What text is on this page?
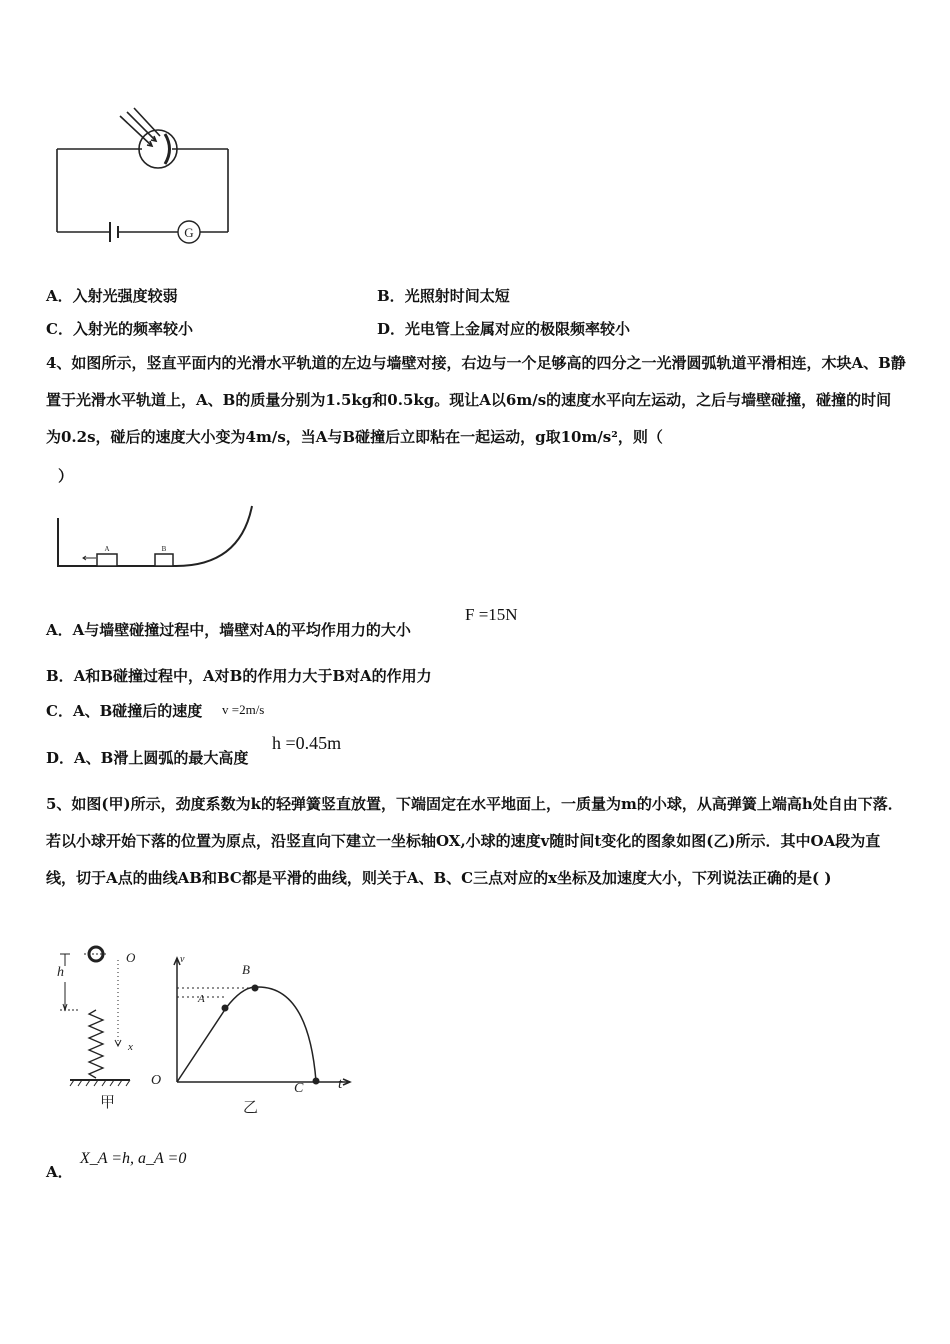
G
A．入射光强度较弱	B．光照射时间太短
C．入射光的频率较小	D．光电管上金属对应的极限频率较小
4、如图所示，竖直平面内的光滑水平轨道的左边与墙壁对接，右边与一个足够高的四分之一光滑圆弧轨道平滑相连，木块A、B静置于光滑水平轨道上，A、B的质量分别为1.5kg和0.5kg。现让A以6m/s的速度水平向左运动，之后与墙壁碰撞，碰撞的时间为0.2s，碰后的速度大小变为4m/s，当A与B碰撞后立即粘在一起运动，g取10m/s²，则（
）
A	B
A．A与墙壁碰撞过程中，墙壁对A的平均作用力的大小
F =15N
B．A和B碰撞过程中，A对B的作用力大于B对A的作用力
C．A、B碰撞后的速度 v =2m/s
D．A、B滑上圆弧的最大高度
h =0.45m
5、如图(甲)所示，劲度系数为k的轻弹簧竖直放置，下端固定在水平地面上，一质量为m的小球，从高弹簧上端高h处自由下落．若以小球开始下落的位置为原点，沿竖直向下建立一坐标轴OX,小球的速度v随时间t变化的图象如图(乙)所示．其中OA段为直线，切于A点的曲线AB和BC都是平滑的曲线，则关于A、B、C三点对应的x坐标及加速度大小，下列说法正确的是( )
h
O
x
甲
v
O	t
A
B
C
乙
A．
X_A =h, a_A =0
